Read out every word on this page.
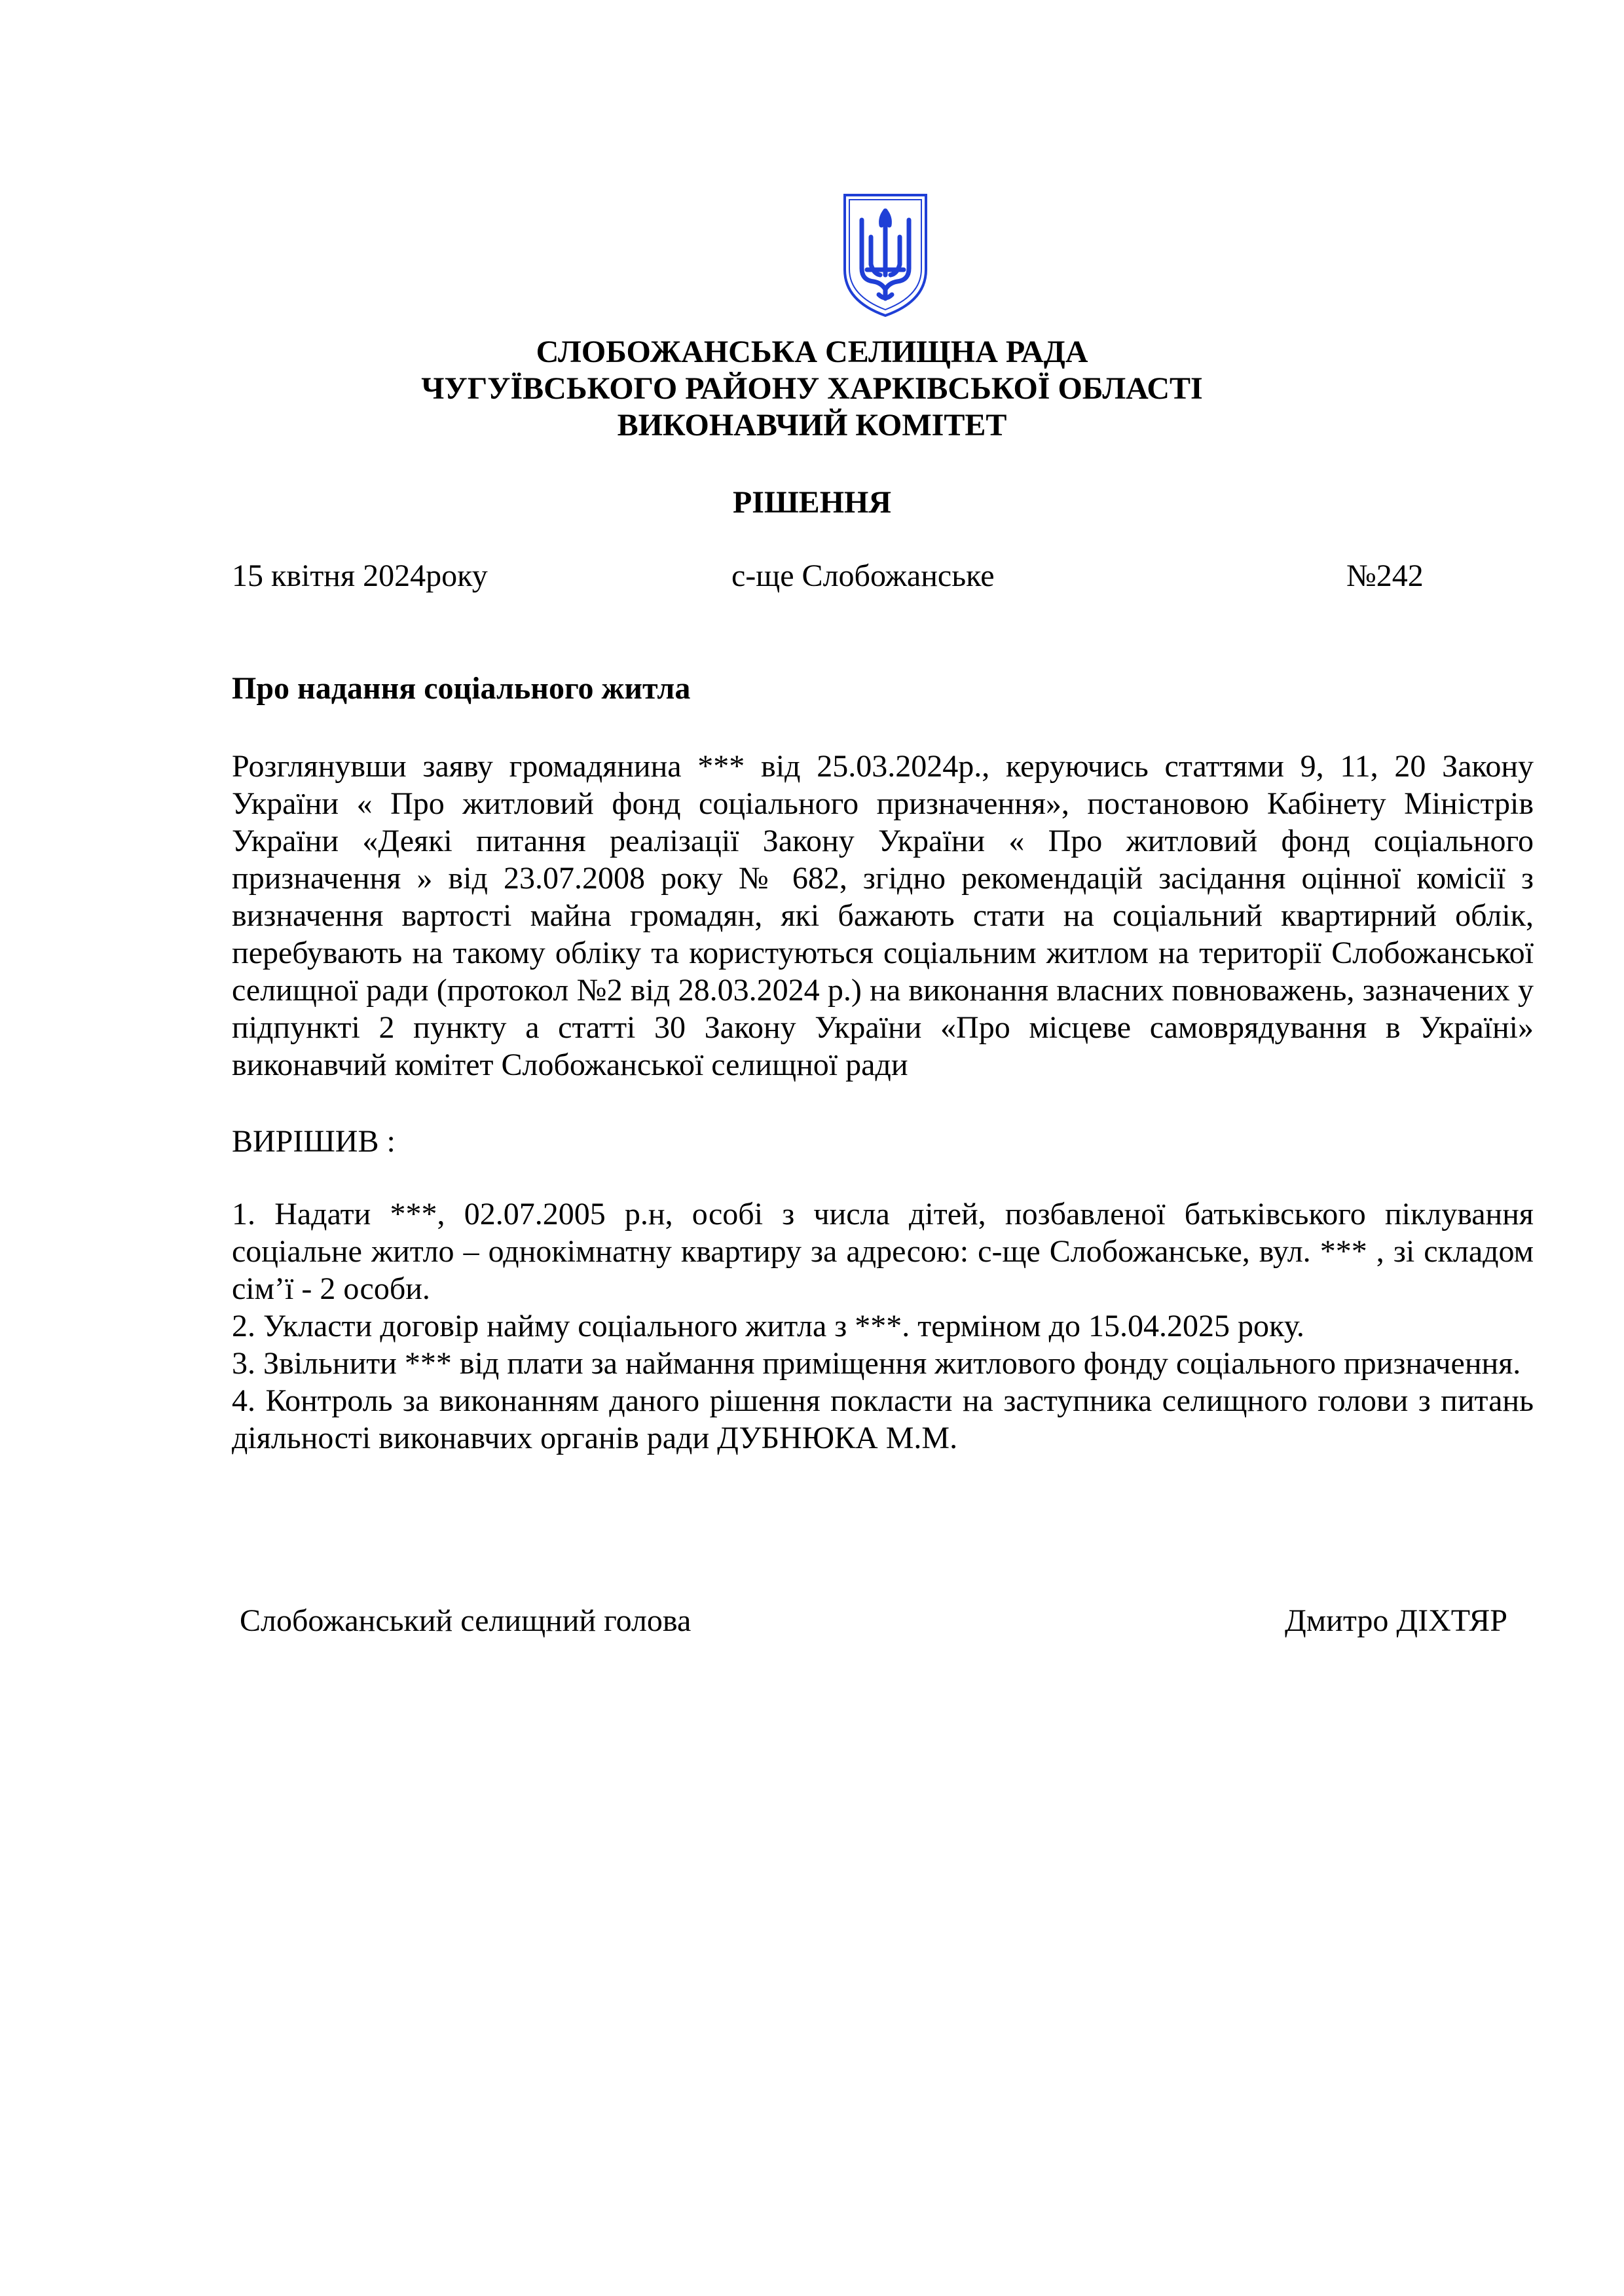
СЛОБОЖАНСЬКА СЕЛИЩНА РАДА
ЧУГУЇВСЬКОГО РАЙОНУ ХАРКІВСЬКОЇ ОБЛАСТІ
ВИКОНАВЧИЙ КОМІТЕТ
РІШЕННЯ
15 квітня 2024року	с-ще Слобожанське	№242
Про надання соціального житла
Розглянувши заяву громадянина *** від 25.03.2024р., керуючись статтями 9, 11, 20 Закону України « Про житловий фонд соціального призначення», постановою Кабінету Міністрів України «Деякі питання реалізації Закону України « Про житловий фонд соціального призначення » від 23.07.2008 року № 682, згідно рекомендацій засідання оцінної комісії з визначення вартості майна громадян, які бажають стати на соціальний квартирний облік, перебувають на такому обліку та користуються соціальним житлом на території Слобожанської селищної ради (протокол №2 від 28.03.2024 р.) на виконання власних повноважень, зазначених у підпункті 2 пункту а статті 30 Закону України «Про місцеве самоврядування в Україні» виконавчий комітет Слобожанської селищної ради
ВИРІШИВ :

1. Надати ***, 02.07.2005 р.н, особі з числа дітей, позбавленої батьківського піклування соціальне житло – однокімнатну квартиру за адресою: с-ще Слобожанське, вул. *** , зі складом сім’ї - 2 особи.

2. Укласти договір найму соціального житла з ***. терміном до 15.04.2025 року.

3. Звільнити *** від плати за наймання приміщення житлового фонду соціального призначення.

4. Контроль за виконанням даного рішення покласти на заступника селищного голови з питань діяльності виконавчих органів ради ДУБНЮКА М.М.

Слобожанський селищний голова	Дмитро ДІХТЯР
